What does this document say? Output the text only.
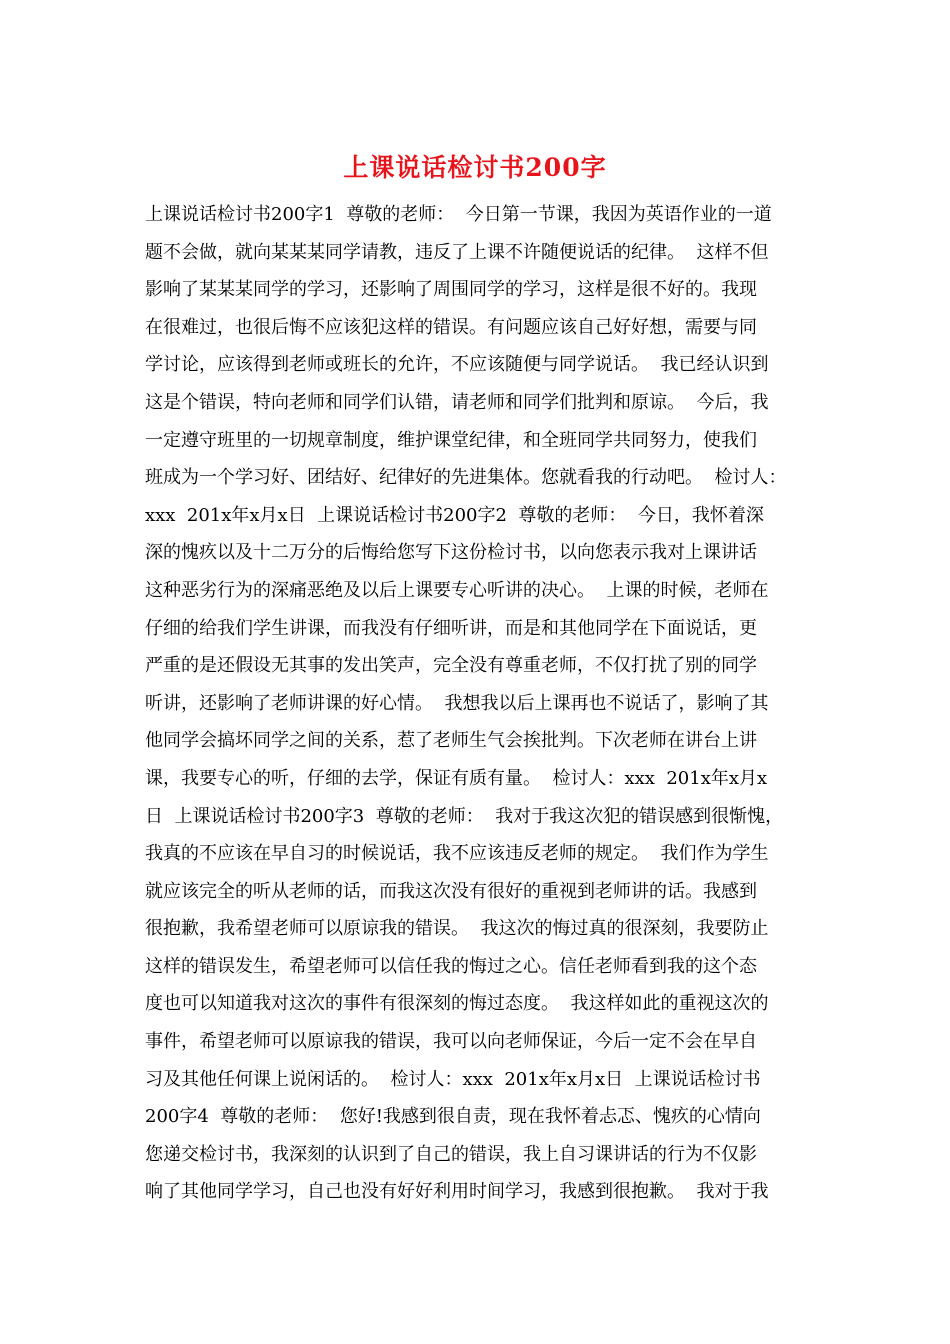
上课说话检讨书200字
上课说话检讨书200字1  尊敬的老师：  今日第一节课，我因为英语作业的一道
题不会做，就向某某某同学请教，违反了上课不许随便说话的纪律。  这样不但
影响了某某某同学的学习，还影响了周围同学的学习，这样是很不好的。我现
在很难过，也很后悔不应该犯这样的错误。有问题应该自己好好想，需要与同
学讨论，应该得到老师或班长的允许，不应该随便与同学说话。  我已经认识到
这是个错误，特向老师和同学们认错，请老师和同学们批判和原谅。  今后，我
一定遵守班里的一切规章制度，维护课堂纪律，和全班同学共同努力，使我们
班成为一个学习好、团结好、纪律好的先进集体。您就看我的行动吧。  检讨人：
xxx  201x年x月x日  上课说话检讨书200字2  尊敬的老师：  今日，我怀着深
深的愧疚以及十二万分的后悔给您写下这份检讨书，以向您表示我对上课讲话
这种恶劣行为的深痛恶绝及以后上课要专心听讲的决心。  上课的时候，老师在
仔细的给我们学生讲课，而我没有仔细听讲，而是和其他同学在下面说话，更
严重的是还假设无其事的发出笑声，完全没有尊重老师，不仅打扰了别的同学
听讲，还影响了老师讲课的好心情。  我想我以后上课再也不说话了，影响了其
他同学会搞坏同学之间的关系，惹了老师生气会挨批判。下次老师在讲台上讲
课，我要专心的听，仔细的去学，保证有质有量。  检讨人：xxx  201x年x月x
日  上课说话检讨书200字3  尊敬的老师：  我对于我这次犯的错误感到很惭愧，
我真的不应该在早自习的时候说话，我不应该违反老师的规定。  我们作为学生
就应该完全的听从老师的话，而我这次没有很好的重视到老师讲的话。我感到
很抱歉，我希望老师可以原谅我的错误。  我这次的悔过真的很深刻，我要防止
这样的错误发生，希望老师可以信任我的悔过之心。信任老师看到我的这个态
度也可以知道我对这次的事件有很深刻的悔过态度。  我这样如此的重视这次的
事件，希望老师可以原谅我的错误，我可以向老师保证，今后一定不会在早自
习及其他任何课上说闲话的。  检讨人：xxx  201x年x月x日  上课说话检讨书
200字4  尊敬的老师：  您好!我感到很自责，现在我怀着忐忑、愧疚的心情向
您递交检讨书，我深刻的认识到了自己的错误，我上自习课讲话的行为不仅影
响了其他同学学习，自己也没有好好利用时间学习，我感到很抱歉。  我对于我
